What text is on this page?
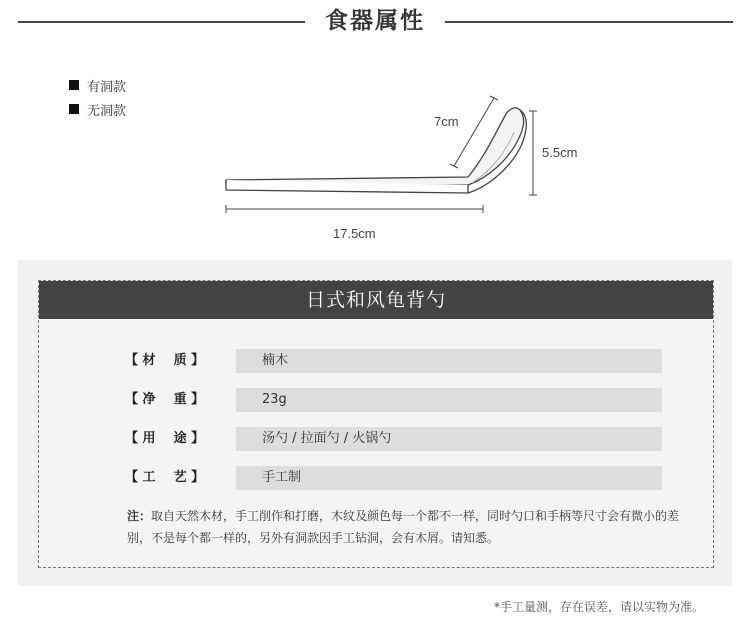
食器属性
有洞款
无洞款
7cm
5.5cm
17.5cm
日式和风龟背勺
【 材    质 】	楠木
【 净    重 】	23g
【 用    途 】	汤勺 / 拉面勺 / 火锅勺
【 工    艺 】	手工制
注：取自天然木材，手工削作和打磨，木纹及颜色每一个都不一样，同时勺口和手柄等尺寸会有微小的差别，不是每个都一样的，另外有洞款因手工钻洞，会有木屑。请知悉。
*手工量测，存在误差，请以实物为准。
